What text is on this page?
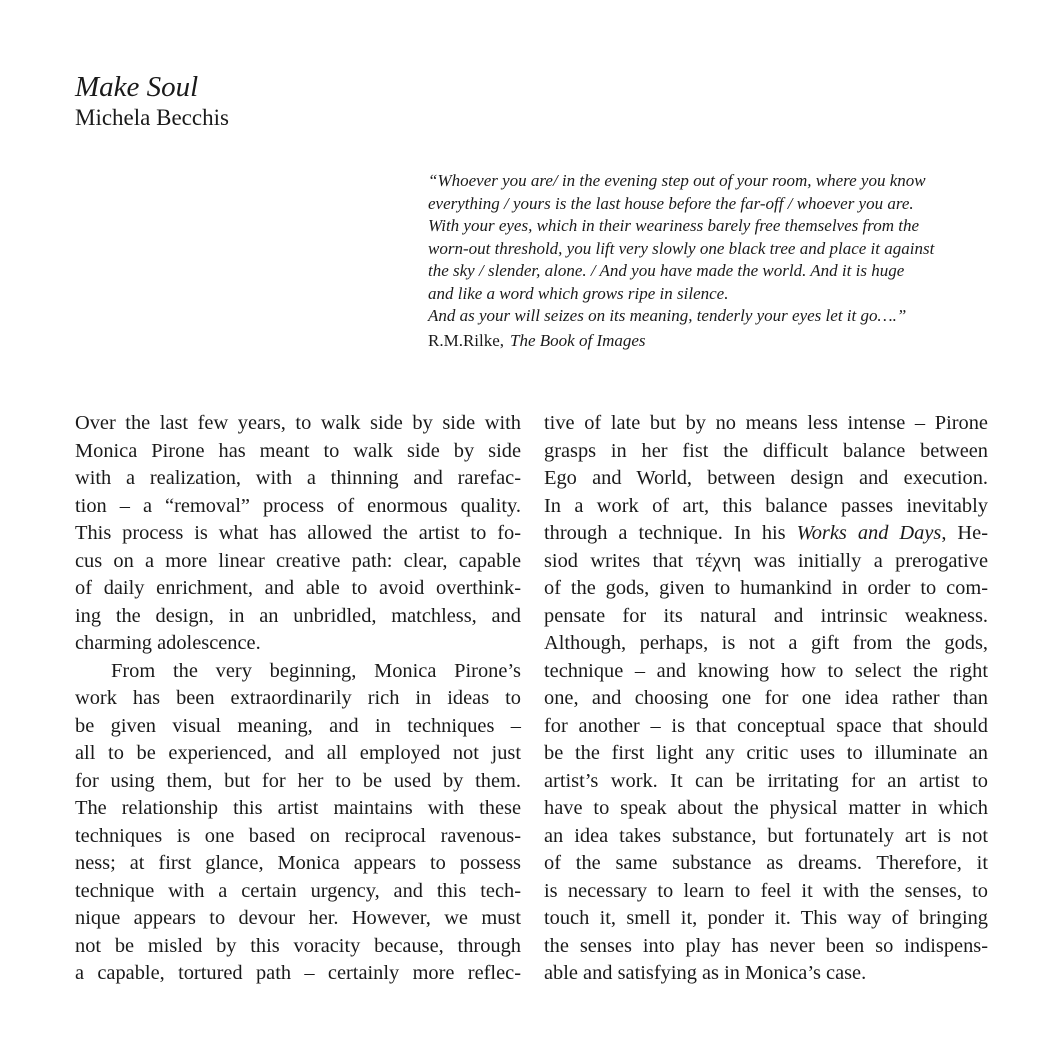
Make Soul
Michela Becchis

“Whoever you are/ in the evening step out of your room, where you know
everything / yours is the last house before the far-off / whoever you are.
With your eyes, which in their weariness barely free themselves from the
worn-out threshold, you lift very slowly one black tree and place it against
the sky / slender, alone. / And you have made the world. And it is huge
and like a word which grows ripe in silence.
And as your will seizes on its meaning, tenderly your eyes let it go….”

R.M.Rilke, The Book of Images

Over the last few years, to walk side by side with
Monica Pirone has meant to walk side by side
with a realization, with a thinning and rarefac-
tion – a “removal” process of enormous quality.
This process is what has allowed the artist to fo-
cus on a more linear creative path: clear, capable
of daily enrichment, and able to avoid overthink-
ing the design, in an unbridled, matchless, and
charming adolescence.
From the very beginning, Monica Pirone’s
work has been extraordinarily rich in ideas to
be given visual meaning, and in techniques –
all to be experienced, and all employed not just
for using them, but for her to be used by them.
The relationship this artist maintains with these
techniques is one based on reciprocal ravenous-
ness; at first glance, Monica appears to possess
technique with a certain urgency, and this tech-
nique appears to devour her. However, we must
not be misled by this voracity because, through
a capable, tortured path – certainly more reflec-
tive of late but by no means less intense – Pirone
grasps in her fist the difficult balance between
Ego and World, between design and execution.
In a work of art, this balance passes inevitably
through a technique. In his Works and Days, He-
siod writes that τέχνη was initially a prerogative
of the gods, given to humankind in order to com-
pensate for its natural and intrinsic weakness.
Although, perhaps, is not a gift from the gods,
technique – and knowing how to select the right
one, and choosing one for one idea rather than
for another – is that conceptual space that should
be the first light any critic uses to illuminate an
artist’s work. It can be irritating for an artist to
have to speak about the physical matter in which
an idea takes substance, but fortunately art is not
of the same substance as dreams. Therefore, it
is necessary to learn to feel it with the senses, to
touch it, smell it, ponder it. This way of bringing
the senses into play has never been so indispens-
able and satisfying as in Monica’s case.
